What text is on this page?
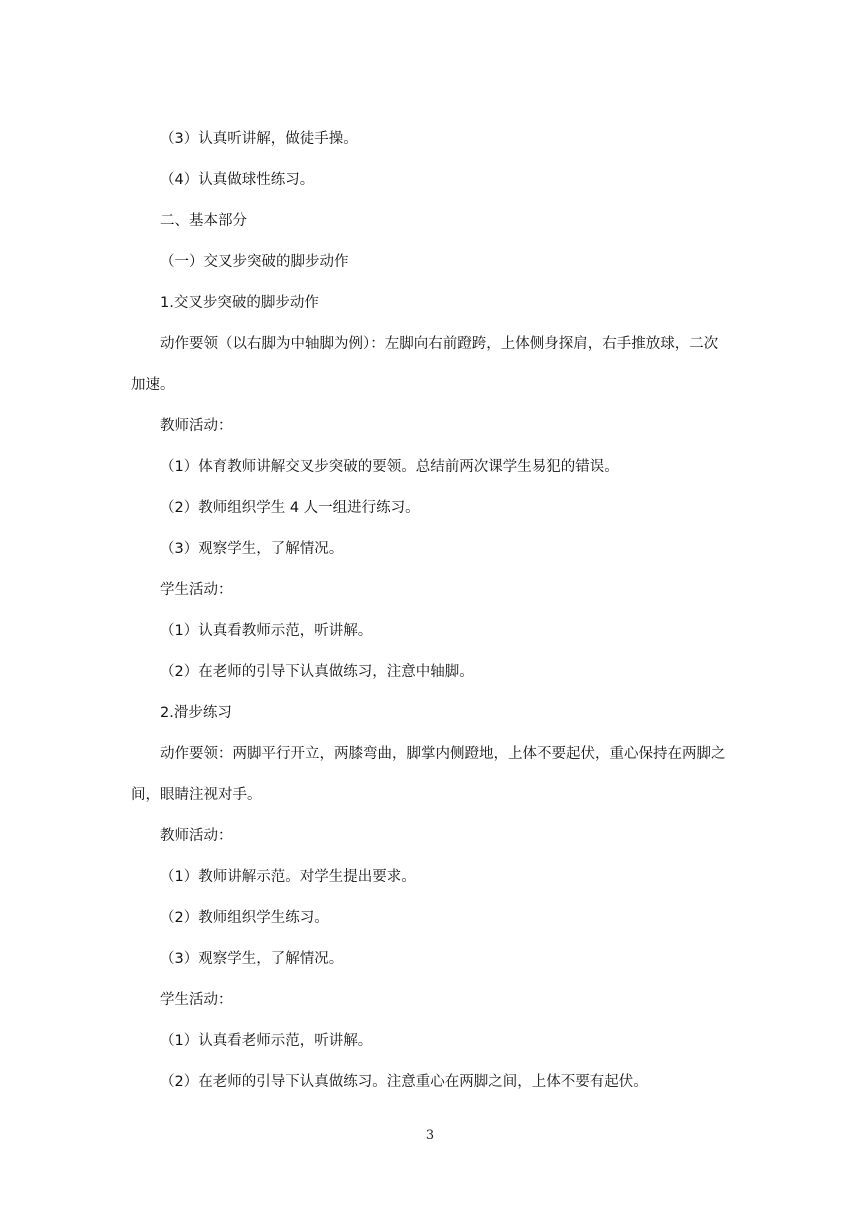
（3）认真听讲解，做徒手操。

（4）认真做球性练习。

二、基本部分

（一）交叉步突破的脚步动作

1.交叉步突破的脚步动作

动作要领（以右脚为中轴脚为例）：左脚向右前蹬跨，上体侧身探肩，右手推放球，二次加速。

教师活动：

（1）体育教师讲解交叉步突破的要领。总结前两次课学生易犯的错误。

（2）教师组织学生 4 人一组进行练习。

（3）观察学生，了解情况。

学生活动：

（1）认真看教师示范，听讲解。

（2）在老师的引导下认真做练习，注意中轴脚。

2.滑步练习

动作要领：两脚平行开立，两膝弯曲，脚掌内侧蹬地，上体不要起伏，重心保持在两脚之间，眼睛注视对手。

教师活动：

（1）教师讲解示范。对学生提出要求。

（2）教师组织学生练习。

（3）观察学生，了解情况。

学生活动：

（1）认真看老师示范，听讲解。

（2）在老师的引导下认真做练习。注意重心在两脚之间，上体不要有起伏。

3
